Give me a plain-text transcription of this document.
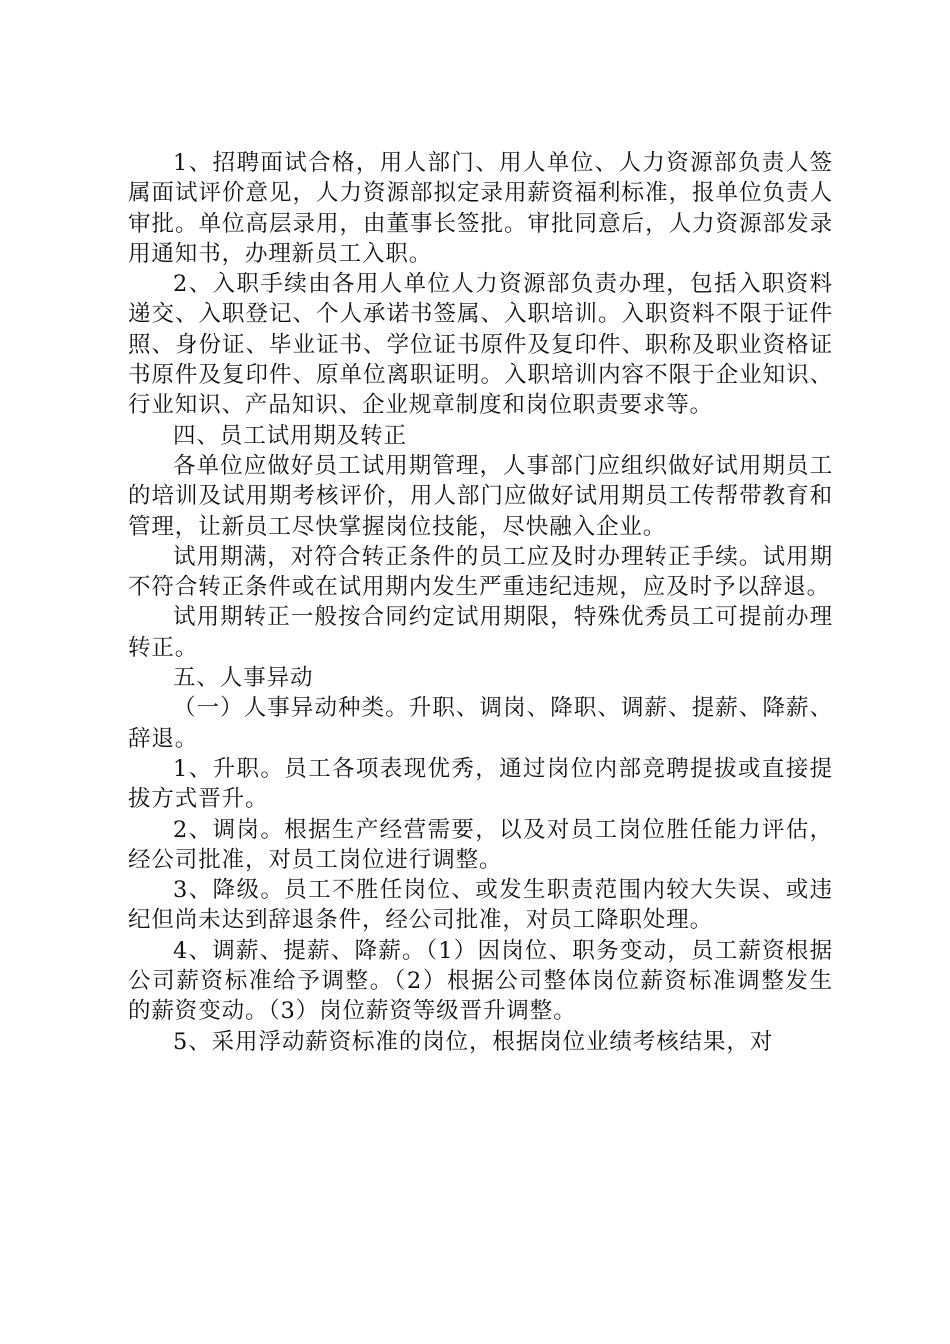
1、招聘面试合格，用人部门、用人单位、人力资源部负责人签属面试评价意见，人力资源部拟定录用薪资福利标准，报单位负责人审批。单位高层录用，由董事长签批。审批同意后，人力资源部发录用通知书，办理新员工入职。

2、入职手续由各用人单位人力资源部负责办理，包括入职资料递交、入职登记、个人承诺书签属、入职培训。入职资料不限于证件照、身份证、毕业证书、学位证书原件及复印件、职称及职业资格证书原件及复印件、原单位离职证明。入职培训内容不限于企业知识、行业知识、产品知识、企业规章制度和岗位职责要求等。

四、员工试用期及转正

各单位应做好员工试用期管理，人事部门应组织做好试用期员工的培训及试用期考核评价，用人部门应做好试用期员工传帮带教育和管理，让新员工尽快掌握岗位技能，尽快融入企业。

试用期满，对符合转正条件的员工应及时办理转正手续。试用期不符合转正条件或在试用期内发生严重违纪违规，应及时予以辞退。

试用期转正一般按合同约定试用期限，特殊优秀员工可提前办理转正。

五、人事异动

（一）人事异动种类。升职、调岗、降职、调薪、提薪、降薪、辞退。

1、升职。员工各项表现优秀，通过岗位内部竞聘提拔或直接提拔方式晋升。

2、调岗。根据生产经营需要，以及对员工岗位胜任能力评估，经公司批准，对员工岗位进行调整。

3、降级。员工不胜任岗位、或发生职责范围内较大失误、或违纪但尚未达到辞退条件，经公司批准，对员工降职处理。

4、调薪、提薪、降薪。（1）因岗位、职务变动，员工薪资根据公司薪资标准给予调整。（2）根据公司整体岗位薪资标准调整发生的薪资变动。（3）岗位薪资等级晋升调整。

5、采用浮动薪资标准的岗位，根据岗位业绩考核结果，对
